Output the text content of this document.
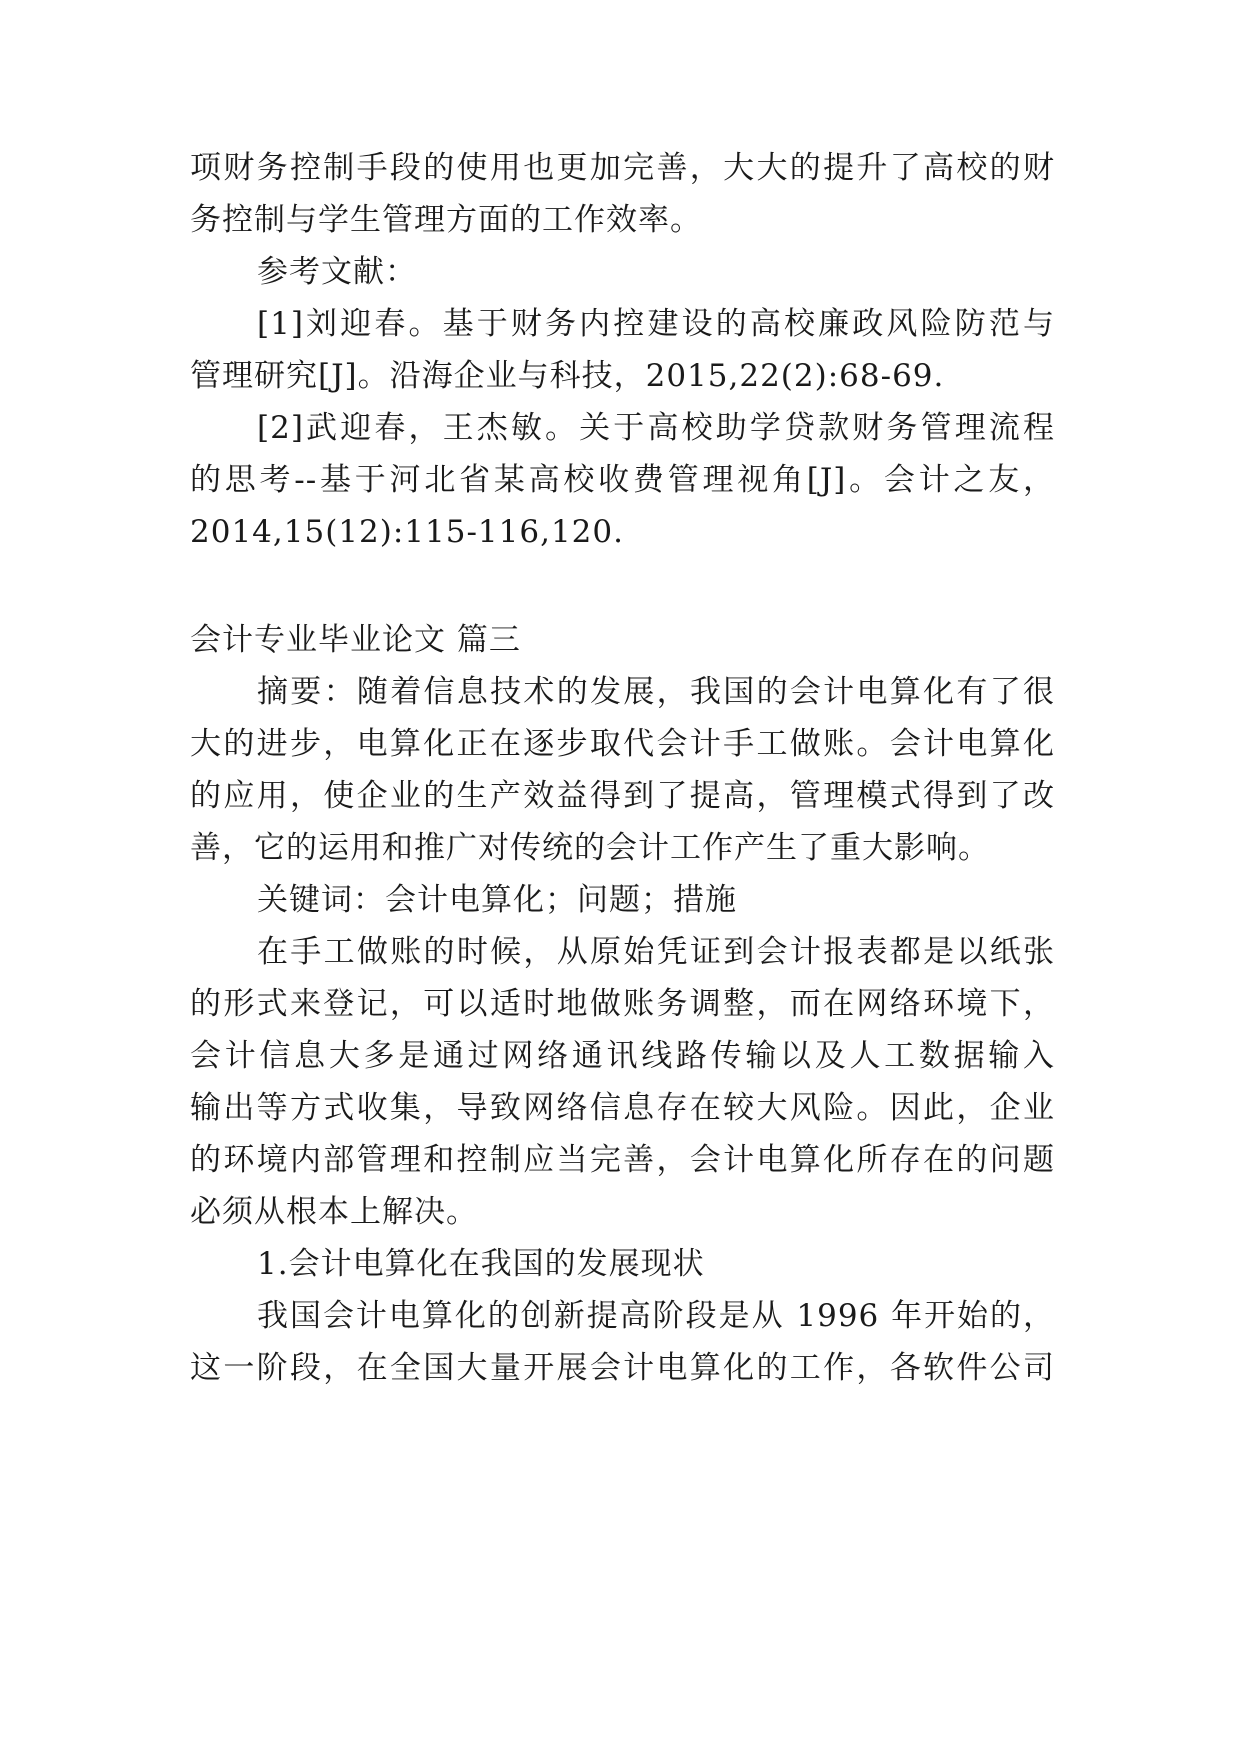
项财务控制手段的使用也更加完善，大大的提升了高校的财
务控制与学生管理方面的工作效率。
参考文献：
[1]刘迎春。基于财务内控建设的高校廉政风险防范与
管理研究[J]。沿海企业与科技，2015,22(2):68-69.
[2]武迎春，王杰敏。关于高校助学贷款财务管理流程
的思考--基于河北省某高校收费管理视角[J]。会计之友，
2014,15(12):115-116,120.
会计专业毕业论文 篇三
摘要：随着信息技术的发展，我国的会计电算化有了很
大的进步，电算化正在逐步取代会计手工做账。会计电算化
的应用，使企业的生产效益得到了提高，管理模式得到了改
善，它的运用和推广对传统的会计工作产生了重大影响。
关键词：会计电算化；问题；措施
在手工做账的时候，从原始凭证到会计报表都是以纸张
的形式来登记，可以适时地做账务调整，而在网络环境下，
会计信息大多是通过网络通讯线路传输以及人工数据输入
输出等方式收集，导致网络信息存在较大风险。因此，企业
的环境内部管理和控制应当完善，会计电算化所存在的问题
必须从根本上解决。
1.会计电算化在我国的发展现状
我国会计电算化的创新提高阶段是从 1996 年开始的，
这一阶段，在全国大量开展会计电算化的工作，各软件公司
